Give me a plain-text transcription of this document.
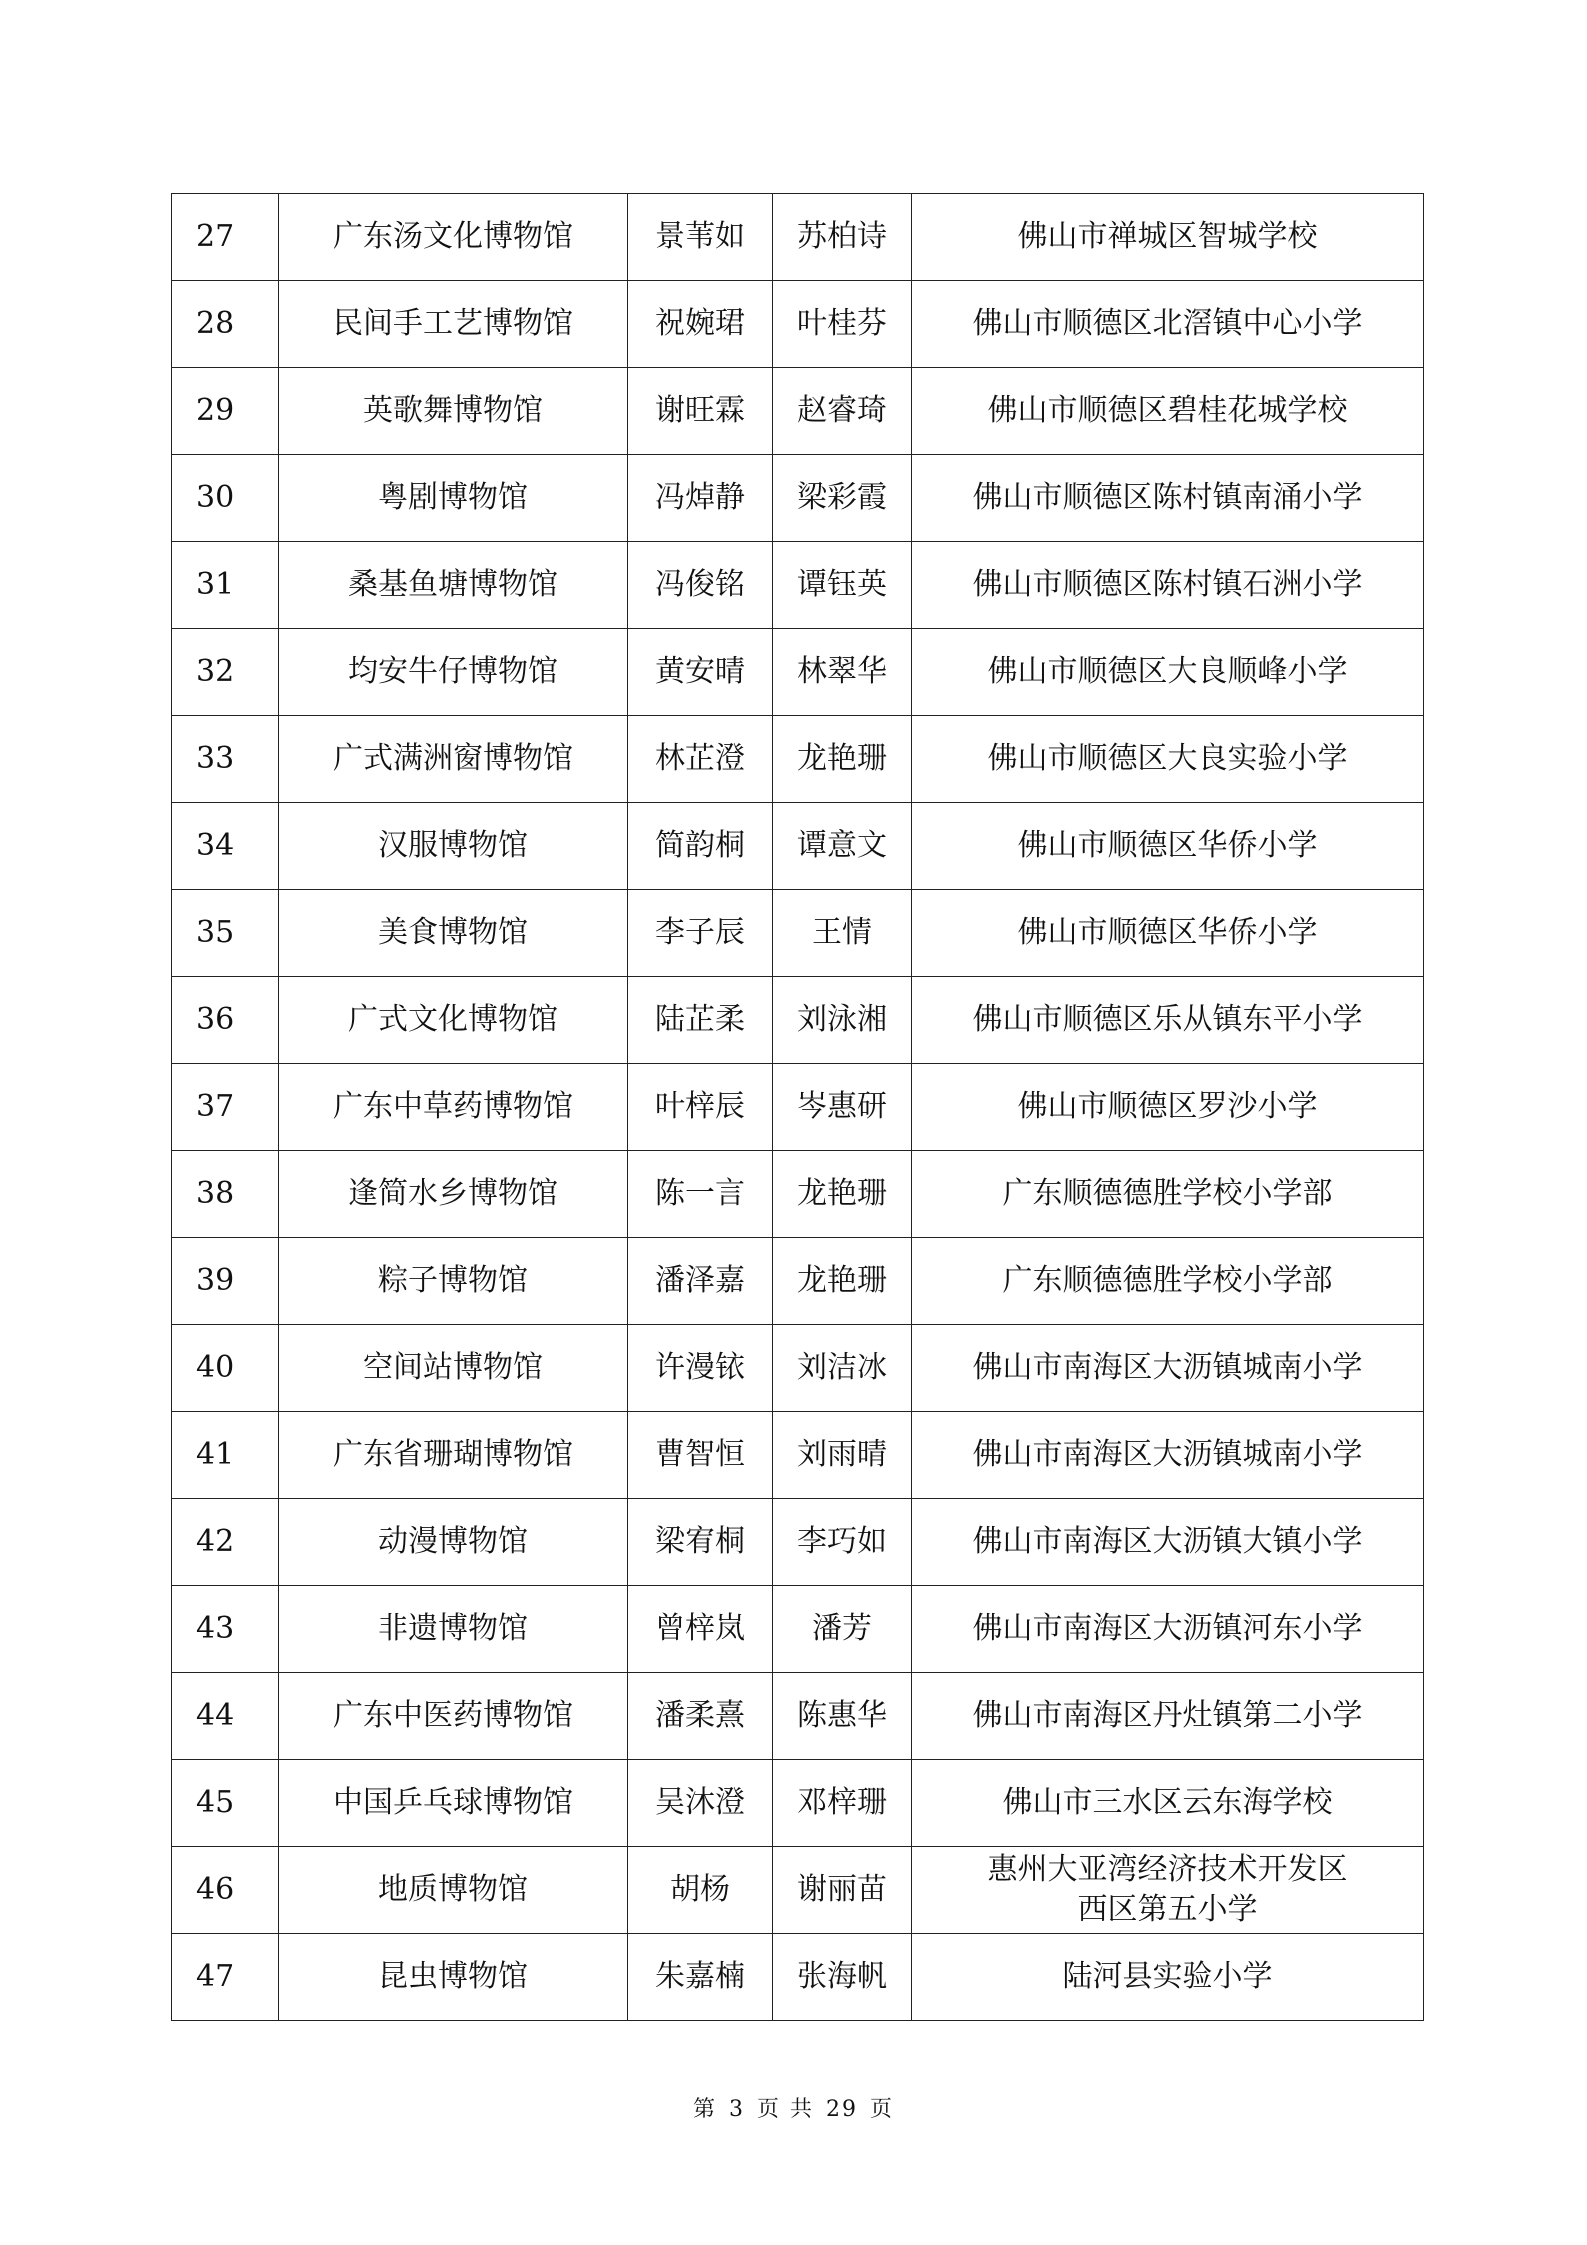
27	广东汤文化博物馆	景苇如	苏柏诗	佛山市禅城区智城学校
28	民间手工艺博物馆	祝婉珺	叶桂芬	佛山市顺德区北滘镇中心小学
29	英歌舞博物馆	谢旺霖	赵睿琦	佛山市顺德区碧桂花城学校
30	粤剧博物馆	冯焯静	梁彩霞	佛山市顺德区陈村镇南涌小学
31	桑基鱼塘博物馆	冯俊铭	谭钰英	佛山市顺德区陈村镇石洲小学
32	均安牛仔博物馆	黄安晴	林翠华	佛山市顺德区大良顺峰小学
33	广式满洲窗博物馆	林芷澄	龙艳珊	佛山市顺德区大良实验小学
34	汉服博物馆	简韵桐	谭意文	佛山市顺德区华侨小学
35	美食博物馆	李子辰	王情	佛山市顺德区华侨小学
36	广式文化博物馆	陆芷柔	刘泳湘	佛山市顺德区乐从镇东平小学
37	广东中草药博物馆	叶梓辰	岑惠研	佛山市顺德区罗沙小学
38	逢简水乡博物馆	陈一言	龙艳珊	广东顺德德胜学校小学部
39	粽子博物馆	潘泽嘉	龙艳珊	广东顺德德胜学校小学部
40	空间站博物馆	许漫铱	刘洁冰	佛山市南海区大沥镇城南小学
41	广东省珊瑚博物馆	曹智恒	刘雨晴	佛山市南海区大沥镇城南小学
42	动漫博物馆	梁宥桐	李巧如	佛山市南海区大沥镇大镇小学
43	非遗博物馆	曾梓岚	潘芳	佛山市南海区大沥镇河东小学
44	广东中医药博物馆	潘柔熹	陈惠华	佛山市南海区丹灶镇第二小学
45	中国乒乓球博物馆	吴沐澄	邓梓珊	佛山市三水区云东海学校
46	地质博物馆	胡杨	谢丽苗	惠州大亚湾经济技术开发区
西区第五小学

47	昆虫博物馆	朱嘉楠	张海帆	陆河县实验小学
第 3 页 共 29 页
